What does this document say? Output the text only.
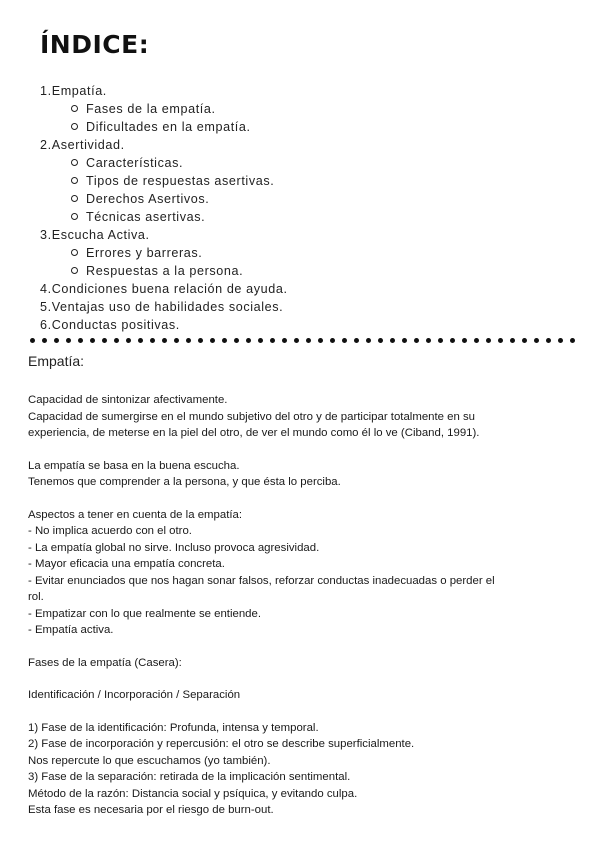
ÍNDICE:
1.Empatía.
Fases de la empatía.
Dificultades en la empatía.
2.Asertividad.
Características.
Tipos de respuestas asertivas.
Derechos Asertivos.
Técnicas asertivas.
3.Escucha Activa.
Errores y barreras.
Respuestas a la persona.
4.Condiciones buena relación de ayuda.
5.Ventajas uso de habilidades sociales.
6.Conductas positivas.
Empatía:
Capacidad de sintonizar afectivamente.
Capacidad de sumergirse en el mundo subjetivo del otro y de participar totalmente en su
experiencia, de meterse en la piel del otro, de ver el mundo como él lo ve (Ciband, 1991).
La empatía se basa en la buena escucha.
Tenemos que comprender a la persona, y que ésta lo perciba.
Aspectos a tener en cuenta de la empatía:
- No implica acuerdo con el otro.
- La empatía global no sirve. Incluso provoca agresividad.
- Mayor eficacia una empatía concreta.
- Evitar enunciados que nos hagan sonar falsos, reforzar conductas inadecuadas o perder el
rol.
- Empatizar con lo que realmente se entiende.
- Empatía activa.
Fases de la empatía (Casera):
Identificación / Incorporación / Separación
1) Fase de la identificación: Profunda, intensa y temporal.
2) Fase de incorporación y repercusión: el otro se describe superficialmente.
Nos repercute lo que escuchamos (yo también).
3) Fase de la separación: retirada de la implicación sentimental.
Método de la razón: Distancia social y psíquica, y evitando culpa.
Esta fase es necesaria por el riesgo de burn-out.
